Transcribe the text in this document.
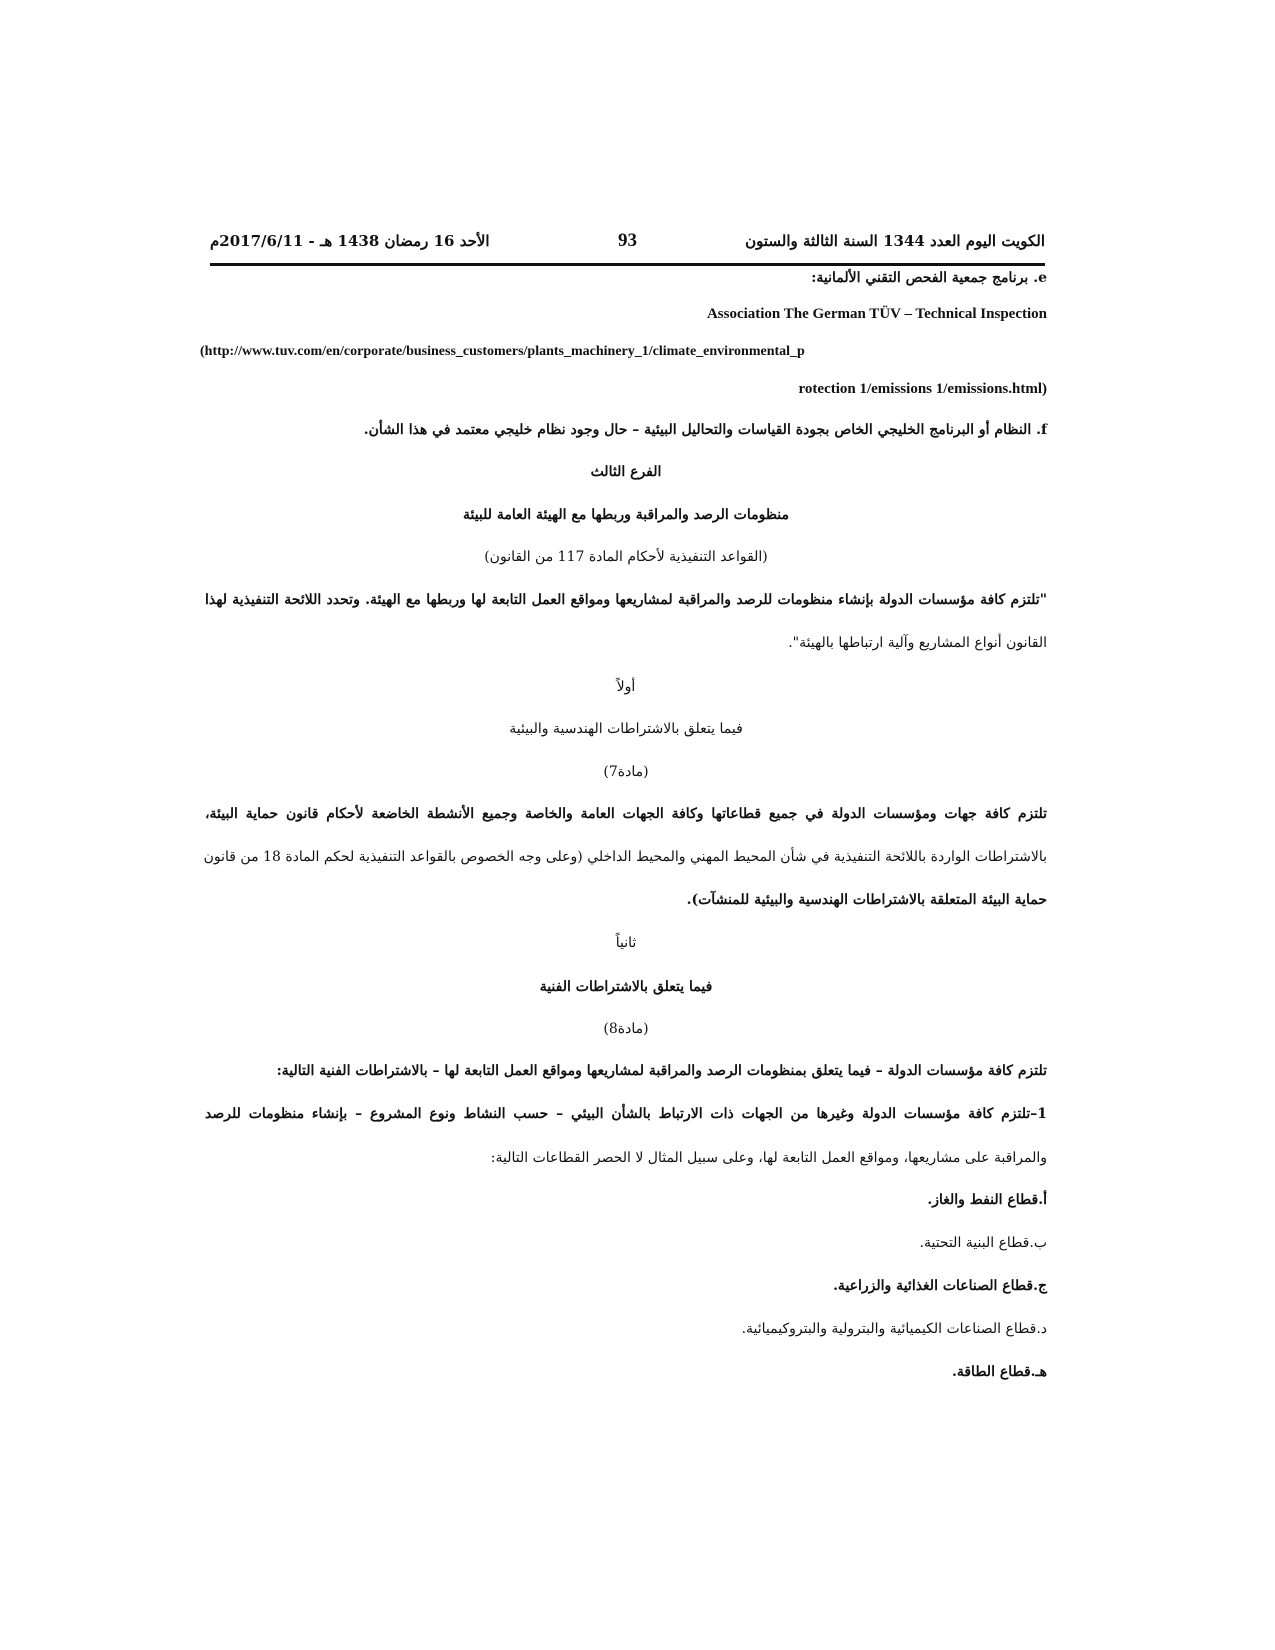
الكويت اليوم العدد 1344 السنة الثالثة والستون
93
الأحد 16 رمضان 1438 هـ - 2017/6/11م
e. برنامج جمعية الفحص التقني الألمانية:
Association The German TÜV – Technical Inspection
(http://www.tuv.com/en/corporate/business_customers/plants_machinery_1/climate_environmental_p
rotection 1/emissions 1/emissions.html)
f. النظام أو البرنامج الخليجي الخاص بجودة القياسات والتحاليل البيئية – حال وجود نظام خليجي معتمد في هذا الشأن.
الفرع الثالث
منظومات الرصد والمراقبة وربطها مع الهيئة العامة للبيئة
(القواعد التنفيذية لأحكام المادة 117 من القانون)
"تلتزم كافة مؤسسات الدولة بإنشاء منظومات للرصد والمراقبة لمشاريعها ومواقع العمل التابعة لها وربطها مع الهيئة. وتحدد اللائحة التنفيذية لهذا
القانون أنواع المشاريع وآلية ارتباطها بالهيئة".
أولاً
فيما يتعلق بالاشتراطات الهندسية والبيئية
(مادة7)
تلتزم كافة جهات ومؤسسات الدولة في جميع قطاعاتها وكافة الجهات العامة والخاصة وجميع الأنشطة الخاضعة لأحكام قانون حماية البيئة،
بالاشتراطات الواردة باللائحة التنفيذية في شأن المحيط المهني والمحيط الداخلي (وعلى وجه الخصوص بالقواعد التنفيذية لحكم المادة 18 من قانون
حماية البيئة المتعلقة بالاشتراطات الهندسية والبيئية للمنشآت).
ثانياً
فيما يتعلق بالاشتراطات الفنية
(مادة8)
تلتزم كافة مؤسسات الدولة – فيما يتعلق بمنظومات الرصد والمراقبة لمشاريعها ومواقع العمل التابعة لها – بالاشتراطات الفنية التالية:
1–تلتزم كافة مؤسسات الدولة وغيرها من الجهات ذات الارتباط بالشأن البيئي – حسب النشاط ونوع المشروع – بإنشاء منظومات للرصد
والمراقبة على مشاريعها، ومواقع العمل التابعة لها، وعلى سبيل المثال لا الحصر القطاعات التالية:
أ.قطاع النفط والغاز.
ب.قطاع البنية التحتية.
ج.قطاع الصناعات الغذائية والزراعية.
د.قطاع الصناعات الكيميائية والبترولية والبتروكيميائية.
هـ.قطاع الطاقة.
